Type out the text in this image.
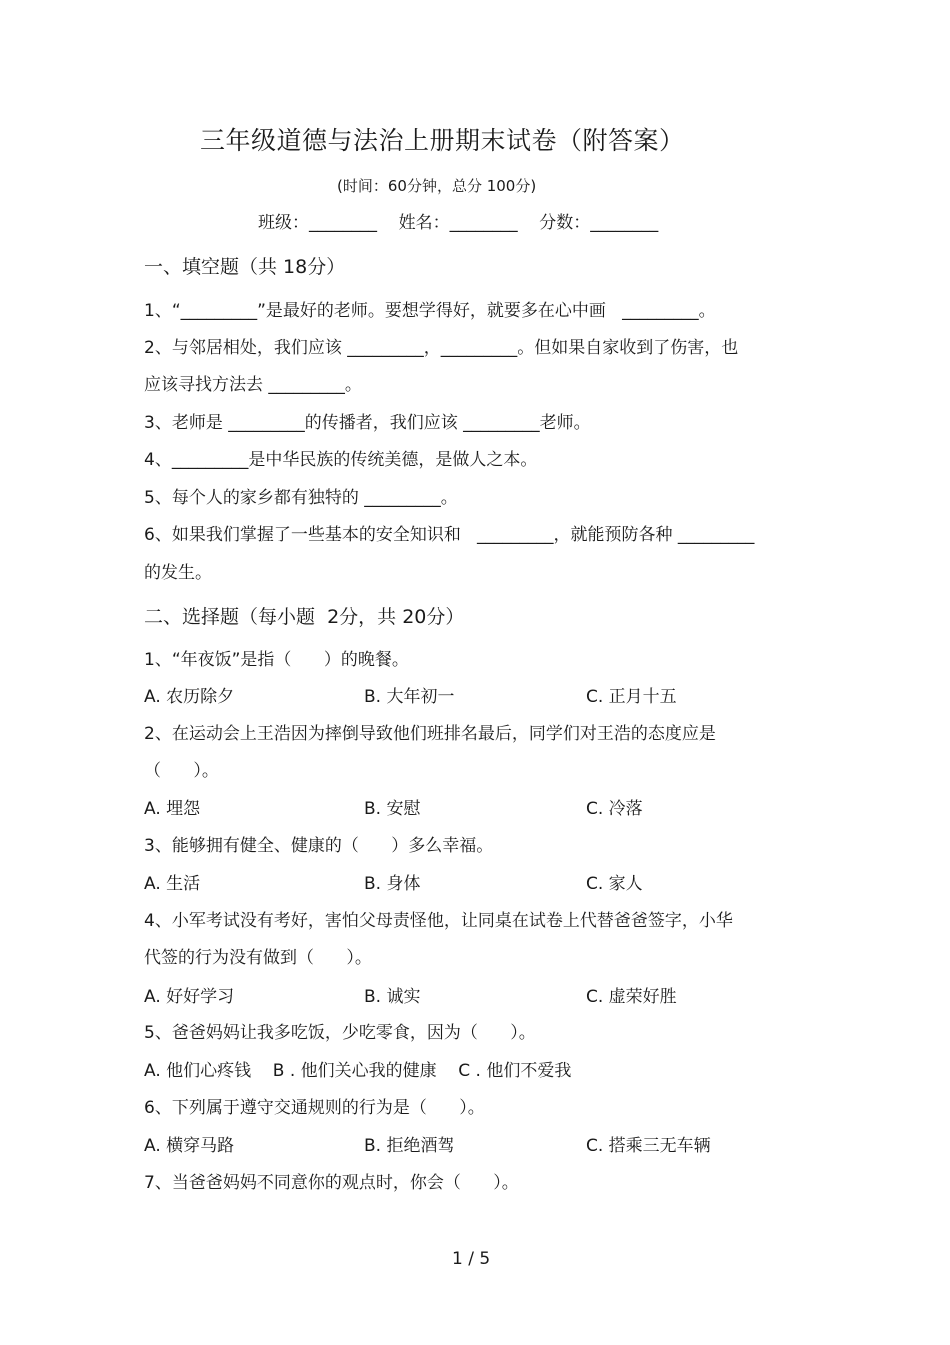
三年级道德与法治上册期末试卷（附答案）
(时间：60分钟，总分 100分)
班级：________    姓名：________    分数：________
一、填空题（共 18分）
1、“_________”是最好的老师。要想学得好，就要多在心中画   _________。
2、与邻居相处，我们应该 _________，_________。但如果自家收到了伤害，也
应该寻找方法去 _________。
3、老师是 _________的传播者，我们应该 _________老师。
4、_________是中华民族的传统美德，是做人之本。
5、每个人的家乡都有独特的 _________。
6、如果我们掌握了一些基本的安全知识和   _________，就能预防各种 _________
的发生。
二、选择题（每小题  2分，共 20分）
1、“年夜饭”是指（      ）的晚餐。
A. 农历除夕	B. 大年初一	C. 正月十五
2、在运动会上王浩因为摔倒导致他们班排名最后，同学们对王浩的态度应是
（      ）。
A. 埋怨	B. 安慰	C. 冷落
3、能够拥有健全、健康的（      ）多么幸福。
A. 生活	B. 身体	C. 家人
4、小军考试没有考好，害怕父母责怪他，让同桌在试卷上代替爸爸签字，小华
代签的行为没有做到（      ）。
A. 好好学习	B. 诚实	C. 虚荣好胜
5、爸爸妈妈让我多吃饭，少吃零食，因为（      ）。
A. 他们心疼钱    B . 他们关心我的健康    C . 他们不爱我
6、下列属于遵守交通规则的行为是（      ）。
A. 横穿马路	B. 拒绝酒驾	C. 搭乘三无车辆
7、当爸爸妈妈不同意你的观点时，你会（      ）。
1 / 5
